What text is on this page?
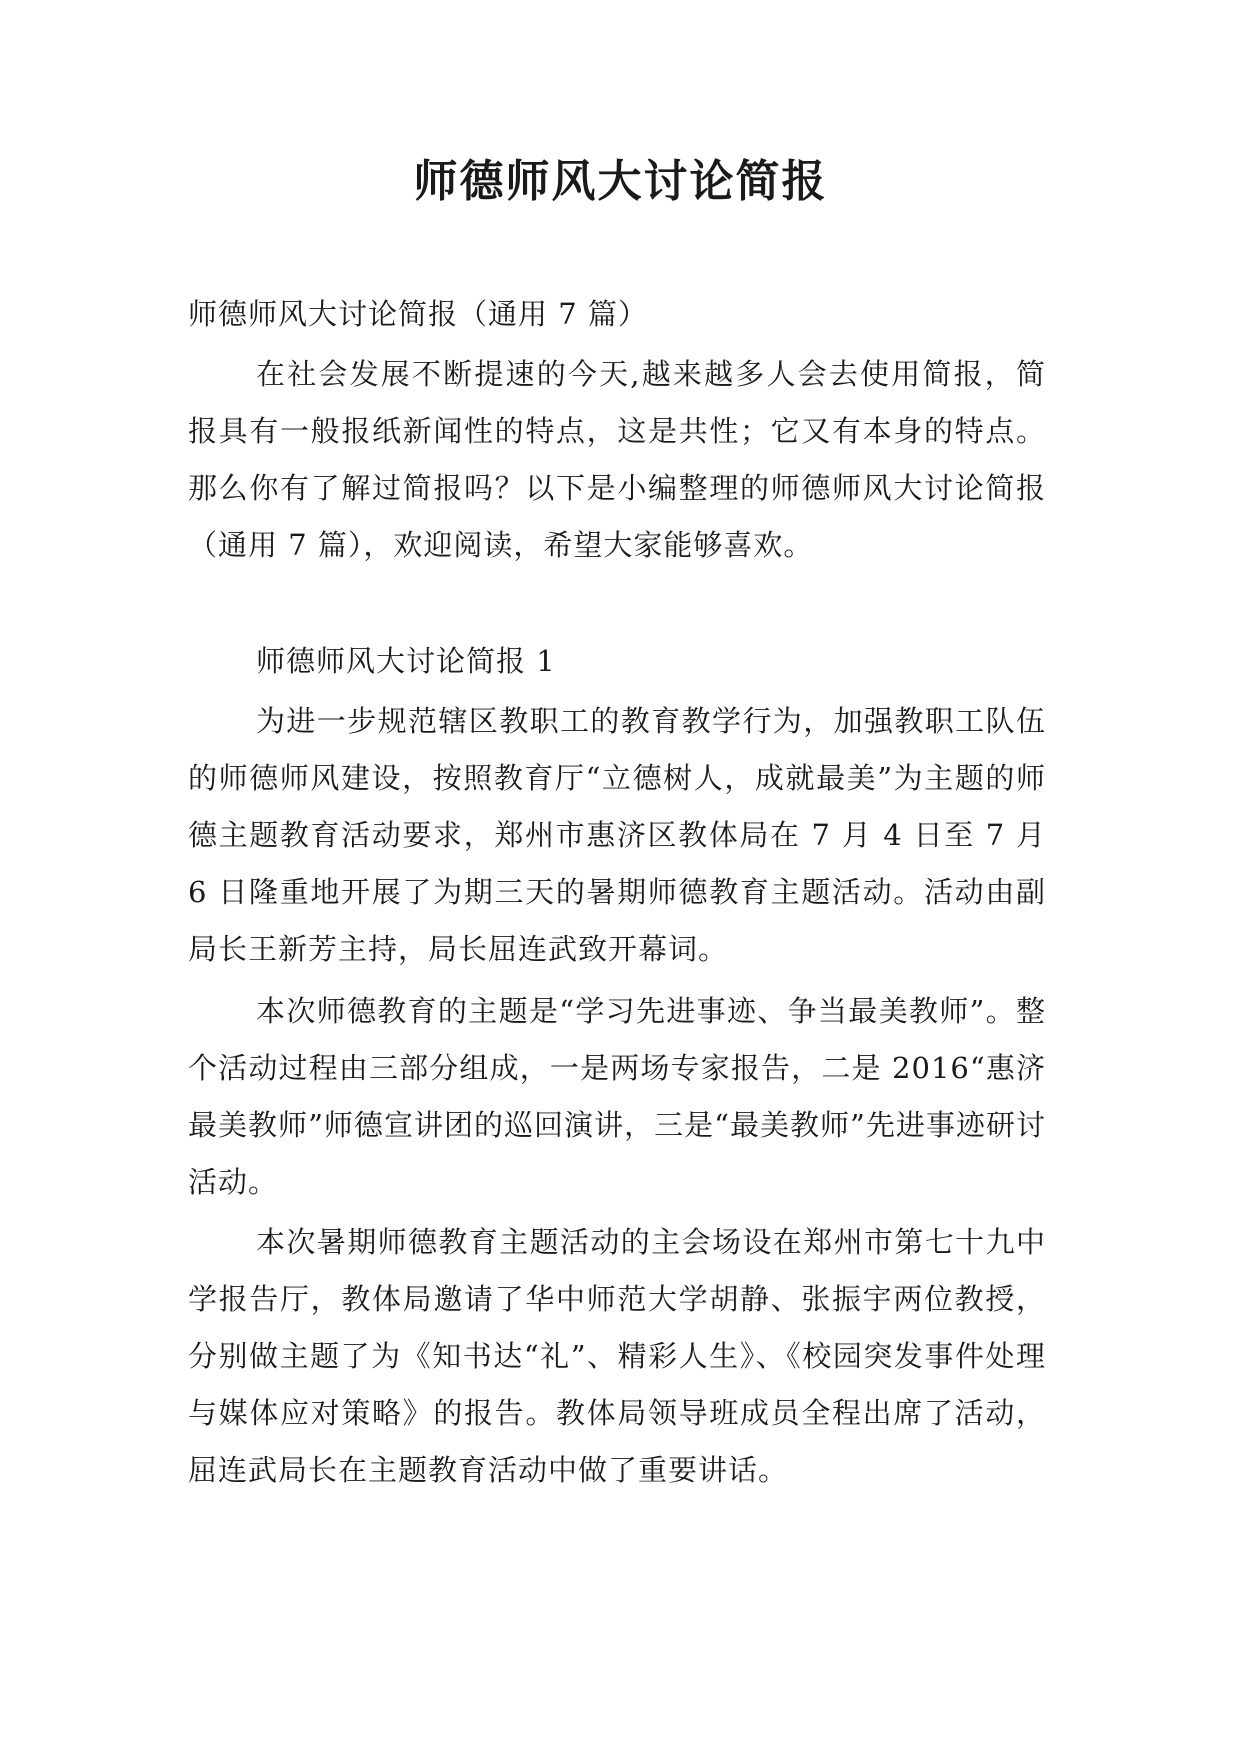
师德师风大讨论简报

师德师风大讨论简报（通用 7 篇）

在社会发展不断提速的今天,越来越多人会去使用简报，简报具有一般报纸新闻性的特点，这是共性；它又有本身的特点。那么你有了解过简报吗？以下是小编整理的师德师风大讨论简报（通用 7 篇），欢迎阅读，希望大家能够喜欢。

师德师风大讨论简报 1

为进一步规范辖区教职工的教育教学行为，加强教职工队伍的师德师风建设，按照教育厅“立德树人，成就最美”为主题的师德主题教育活动要求，郑州市惠济区教体局在 7 月 4 日至 7 月 6 日隆重地开展了为期三天的暑期师德教育主题活动。活动由副局长王新芳主持，局长屈连武致开幕词。

本次师德教育的主题是“学习先进事迹、争当最美教师”。整个活动过程由三部分组成，一是两场专家报告，二是 2016“惠济最美教师”师德宣讲团的巡回演讲，三是“最美教师”先进事迹研讨活动。

本次暑期师德教育主题活动的主会场设在郑州市第七十九中学报告厅，教体局邀请了华中师范大学胡静、张振宇两位教授，分别做主题了为《知书达“礼”、精彩人生》、《校园突发事件处理与媒体应对策略》的报告。教体局领导班成员全程出席了活动，屈连武局长在主题教育活动中做了重要讲话。
